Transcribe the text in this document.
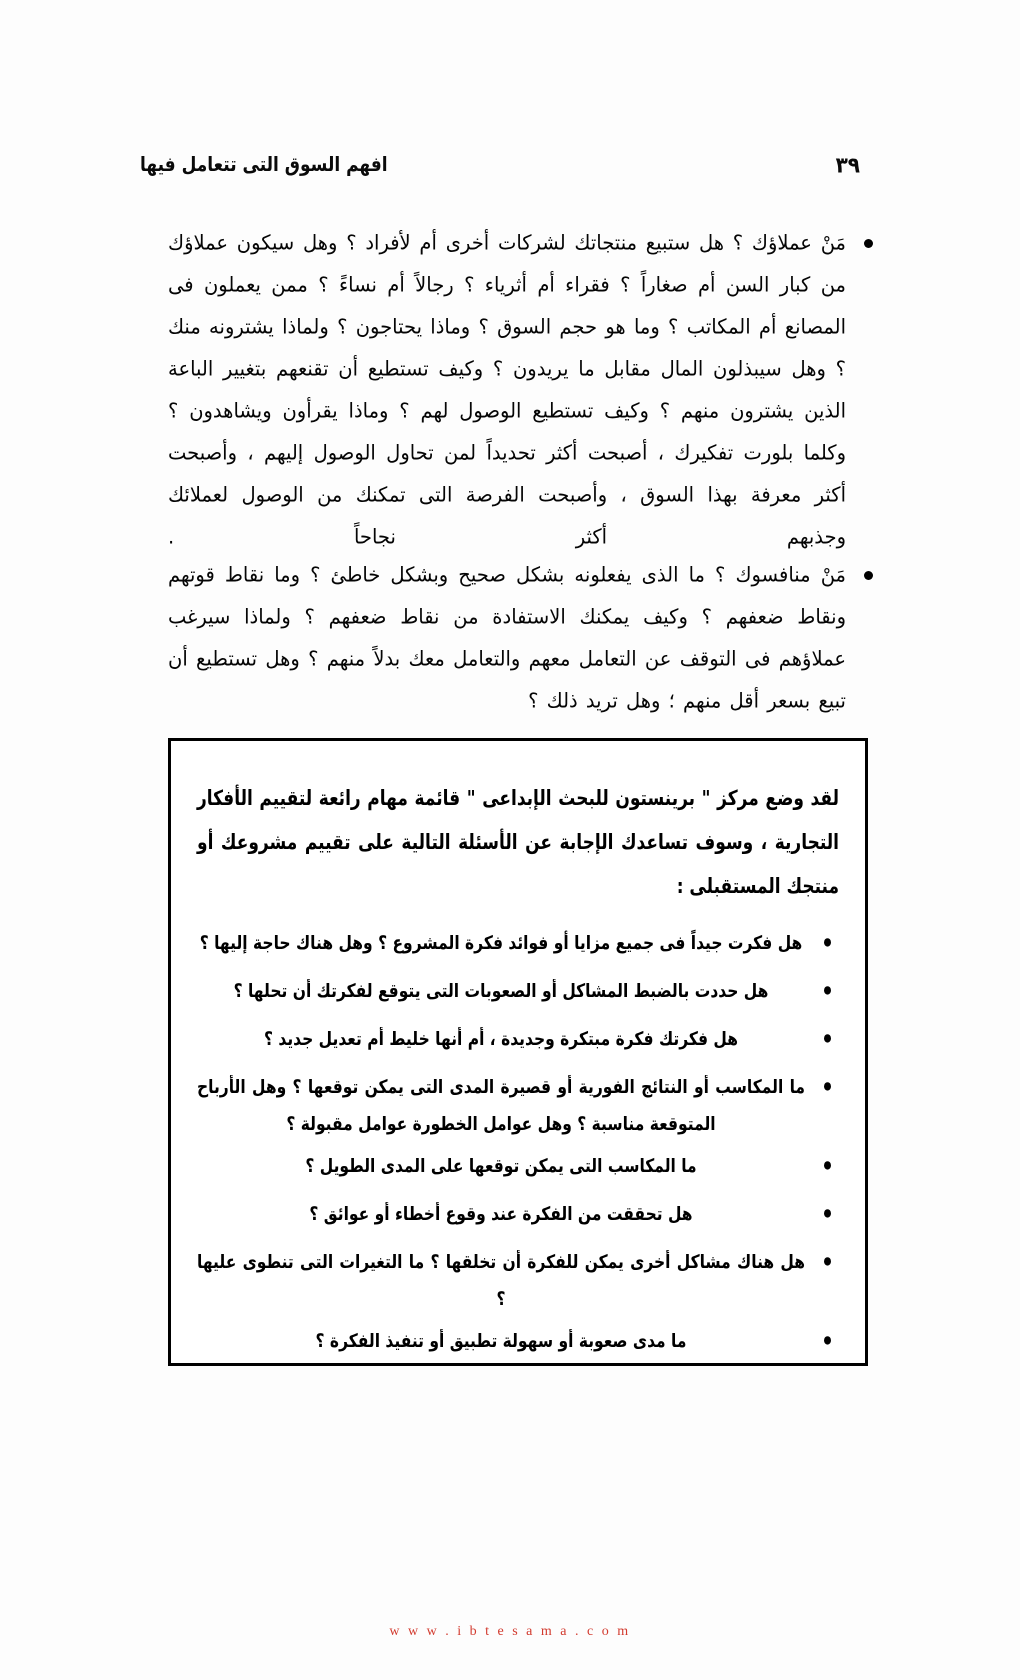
افهم السوق التى تتعامل فيها	٣٩
مَنْ عملاؤك ؟ هل ستبيع منتجاتك لشركات أخرى أم لأفراد ؟ وهل سيكون عملاؤك من كبار السن أم صغاراً ؟ فقراء أم أثرياء ؟ رجالاً أم نساءً ؟ ممن يعملون فى المصانع أم المكاتب ؟ وما هو حجم السوق ؟ وماذا يحتاجون ؟ ولماذا يشترونه منك ؟ وهل سيبذلون المال مقابل ما يريدون ؟ وكيف تستطيع أن تقنعهم بتغيير الباعة الذين يشترون منهم ؟ وكيف تستطيع الوصول لهم ؟ وماذا يقرأون ويشاهدون ؟ وكلما بلورت تفكيرك ، أصبحت أكثر تحديداً لمن تحاول الوصول إليهم ، وأصبحت أكثر معرفة بهذا السوق ، وأصبحت الفرصة التى تمكنك من الوصول لعملائك وجذبهم أكثر نجاحاً .
مَنْ منافسوك ؟ ما الذى يفعلونه بشكل صحيح وبشكل خاطئ ؟ وما نقاط قوتهم ونقاط ضعفهم ؟ وكيف يمكنك الاستفادة من نقاط ضعفهم ؟ ولماذا سيرغب عملاؤهم فى التوقف عن التعامل معهم والتعامل معك بدلاً منهم ؟ وهل تستطيع أن تبيع بسعر أقل منهم ؛ وهل تريد ذلك ؟
لقد وضع مركز " برينستون للبحث الإبداعى " قائمة مهام رائعة لتقييم الأفكار التجارية ، وسوف تساعدك الإجابة عن الأسئلة التالية على تقييم مشروعك أو
منتجك المستقبلى :
هل فكرت جيداً فى جميع مزايا أو فوائد فكرة المشروع ؟ وهل هناك حاجة إليها ؟
هل حددت بالضبط المشاكل أو الصعوبات التى يتوقع لفكرتك أن تحلها ؟
هل فكرتك فكرة مبتكرة وجديدة ، أم أنها خليط أم تعديل جديد ؟
ما المكاسب أو النتائج الفورية أو قصيرة المدى التى يمكن توقعها ؟ وهل الأرباح المتوقعة مناسبة ؟ وهل عوامل الخطورة عوامل مقبولة ؟
ما المكاسب التى يمكن توقعها على المدى الطويل ؟
هل تحققت من الفكرة عند وقوع أخطاء أو عوائق ؟
هل هناك مشاكل أخرى يمكن للفكرة أن تخلقها ؟ ما التغيرات التى تنطوى عليها ؟
ما مدى صعوبة أو سهولة تطبيق أو تنفيذ الفكرة ؟
w w w . i b t e s a m a . c o m
